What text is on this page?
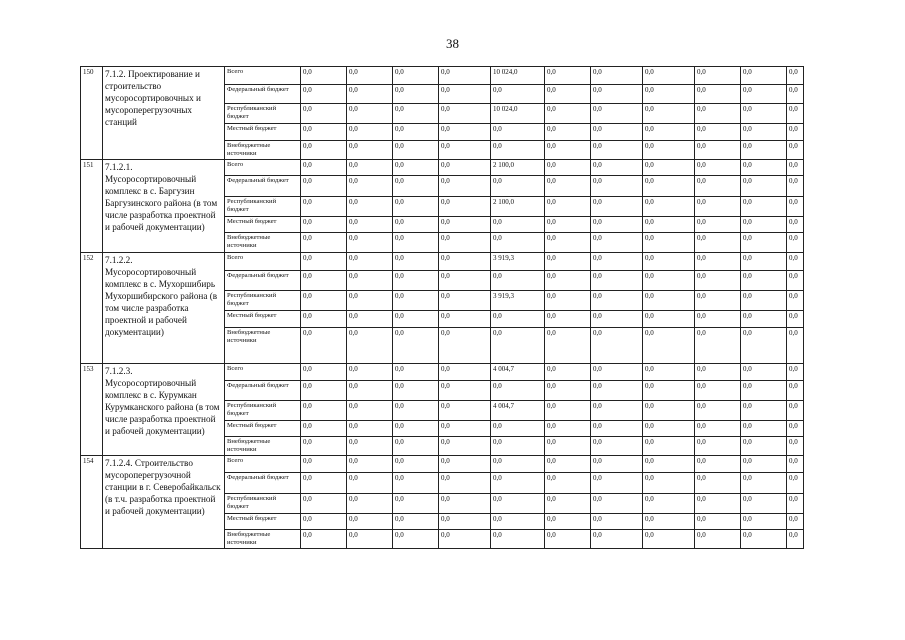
38
150	7.1.2. Проектирование и строительство мусоросортировочных и мусороперегрузочных станций	Всего	0,0	0,0	0,0	0,0	10 024,0	0,0	0,0	0,0	0,0	0,0	0,0
		Федеральный бюджет	0,0	0,0	0,0	0,0	0,0	0,0	0,0	0,0	0,0	0,0	0,0
		Республиканский бюджет	0,0	0,0	0,0	0,0	10 024,0	0,0	0,0	0,0	0,0	0,0	0,0
		Местный бюджет	0,0	0,0	0,0	0,0	0,0	0,0	0,0	0,0	0,0	0,0	0,0
		Внебюджетные источники	0,0	0,0	0,0	0,0	0,0	0,0	0,0	0,0	0,0	0,0	0,0
151	7.1.2.1. Мусоросортировочный комплекс в с. Баргузин Баргузинского района (в том числе разработка проектной и рабочей документации)	Всего	0,0	0,0	0,0	0,0	2 100,0	0,0	0,0	0,0	0,0	0,0	0,0
		Федеральный бюджет	0,0	0,0	0,0	0,0	0,0	0,0	0,0	0,0	0,0	0,0	0,0
		Республиканский бюджет	0,0	0,0	0,0	0,0	2 100,0	0,0	0,0	0,0	0,0	0,0	0,0
		Местный бюджет	0,0	0,0	0,0	0,0	0,0	0,0	0,0	0,0	0,0	0,0	0,0
		Внебюджетные источники	0,0	0,0	0,0	0,0	0,0	0,0	0,0	0,0	0,0	0,0	0,0
152	7.1.2.2. Мусоросортировочный комплекс в с. Мухоршибирь Мухоршибирского района (в том числе разработка проектной и рабочей документации)	Всего	0,0	0,0	0,0	0,0	3 919,3	0,0	0,0	0,0	0,0	0,0	0,0
		Федеральный бюджет	0,0	0,0	0,0	0,0	0,0	0,0	0,0	0,0	0,0	0,0	0,0
		Республиканский бюджет	0,0	0,0	0,0	0,0	3 919,3	0,0	0,0	0,0	0,0	0,0	0,0
		Местный бюджет	0,0	0,0	0,0	0,0	0,0	0,0	0,0	0,0	0,0	0,0	0,0
		Внебюджетные источники	0,0	0,0	0,0	0,0	0,0	0,0	0,0	0,0	0,0	0,0	0,0
153	7.1.2.3. Мусоросортировочный комплекс в с. Курумкан Курумканского района (в том числе разработка проектной и рабочей документации)	Всего	0,0	0,0	0,0	0,0	4 004,7	0,0	0,0	0,0	0,0	0,0	0,0
		Федеральный бюджет	0,0	0,0	0,0	0,0	0,0	0,0	0,0	0,0	0,0	0,0	0,0
		Республиканский бюджет	0,0	0,0	0,0	0,0	4 004,7	0,0	0,0	0,0	0,0	0,0	0,0
		Местный бюджет	0,0	0,0	0,0	0,0	0,0	0,0	0,0	0,0	0,0	0,0	0,0
		Внебюджетные источники	0,0	0,0	0,0	0,0	0,0	0,0	0,0	0,0	0,0	0,0	0,0
154	7.1.2.4. Строительство мусороперегрузочной станции в г. Северобайкальск (в т.ч. разработка проектной и рабочей документации)	Всего	0,0	0,0	0,0	0,0	0,0	0,0	0,0	0,0	0,0	0,0	0,0
		Федеральный бюджет	0,0	0,0	0,0	0,0	0,0	0,0	0,0	0,0	0,0	0,0	0,0
		Республиканский бюджет	0,0	0,0	0,0	0,0	0,0	0,0	0,0	0,0	0,0	0,0	0,0
		Местный бюджет	0,0	0,0	0,0	0,0	0,0	0,0	0,0	0,0	0,0	0,0	0,0
		Внебюджетные источники	0,0	0,0	0,0	0,0	0,0	0,0	0,0	0,0	0,0	0,0	0,0
